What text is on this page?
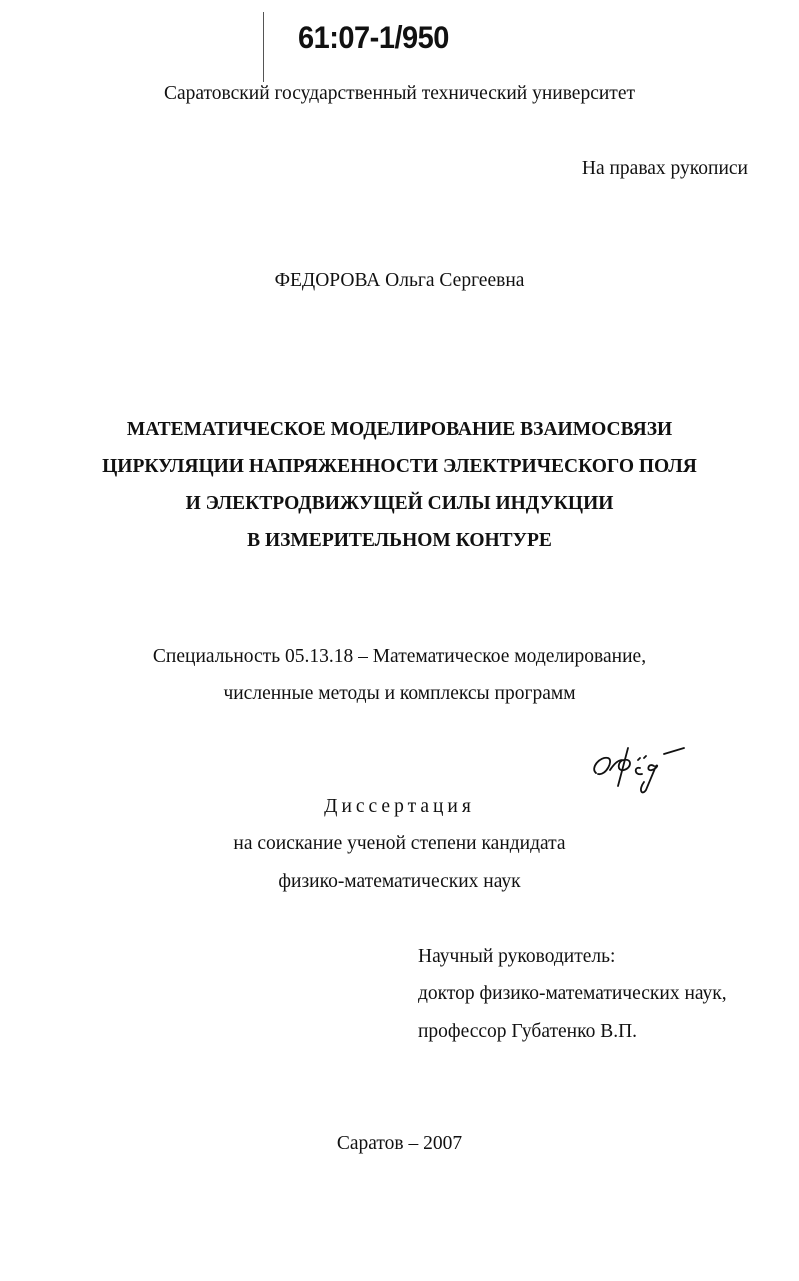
61:07-1/950
Саратовский государственный технический университет
На правах рукописи
ФЕДОРОВА Ольга Сергеевна
МАТЕМАТИЧЕСКОЕ МОДЕЛИРОВАНИЕ ВЗАИМОСВЯЗИ
ЦИРКУЛЯЦИИ НАПРЯЖЕННОСТИ ЭЛЕКТРИЧЕСКОГО ПОЛЯ
И ЭЛЕКТРОДВИЖУЩЕЙ СИЛЫ ИНДУКЦИИ
В ИЗМЕРИТЕЛЬНОМ КОНТУРЕ
Специальность 05.13.18 – Математическое моделирование,
численные методы и комплексы программ
Диссертация
на соискание ученой степени кандидата
физико-математических наук
Научный руководитель:
доктор физико-математических наук,
профессор Губатенко В.П.
Саратов – 2007
